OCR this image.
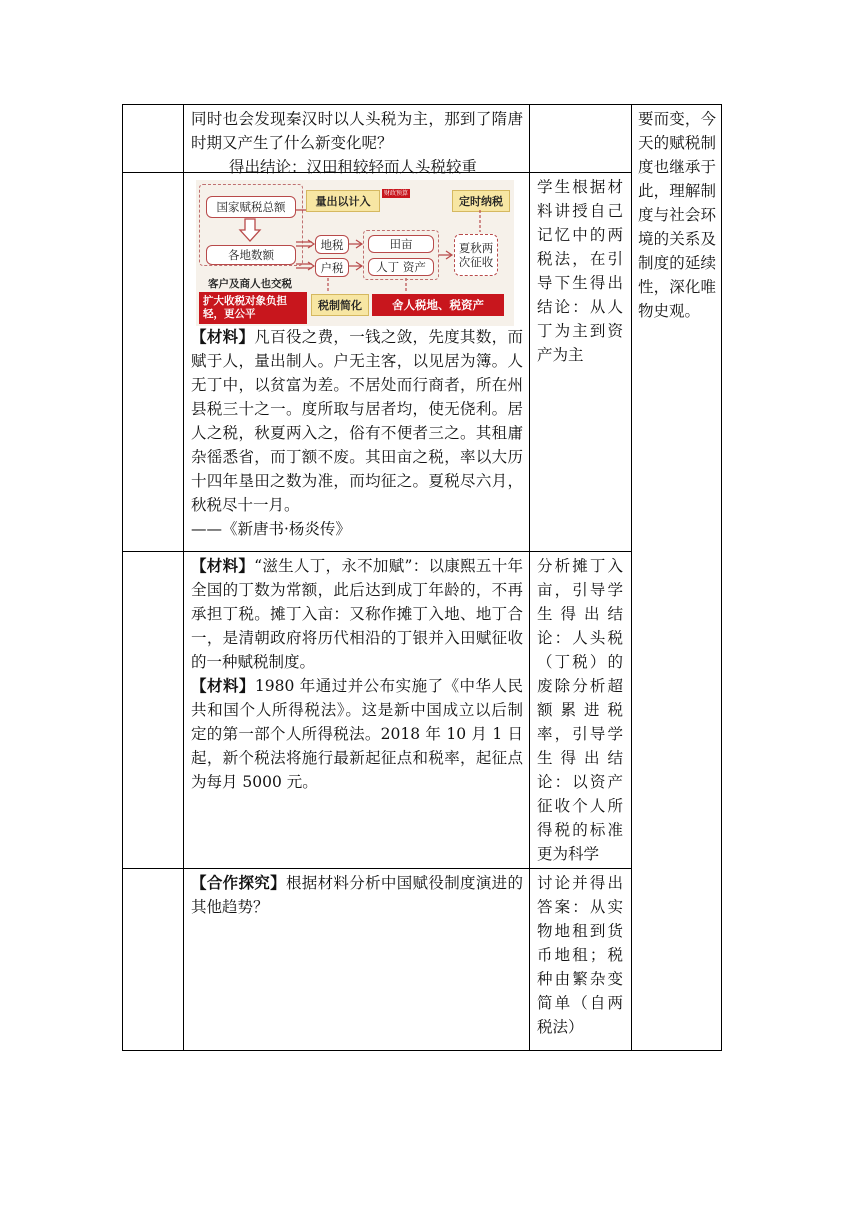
同时也会发现秦汉时以人头税为主，那到了隋唐时期又产生了什么新变化呢？

得出结论：汉田租较轻而人头税较重

要而变，今天的赋税制度也继承于此，理解制度与社会环境的关系及制度的延续性，深化唯物史观。
国家赋税总额
各地数额
量出以计入
财政预算
定时纳税
地税
户税
田亩
人丁 资产
夏秋两次征收
客户及商人也交税
扩大收税对象负担轻，更公平
税制简化	舍人税地、税资产

【材料】凡百役之费，一钱之敛，先度其数，而赋于人，量出制人。户无主客，以见居为簿。人无丁中，以贫富为差。不居处而行商者，所在州县税三十之一。度所取与居者均，使无侥利。居人之税，秋夏两入之，俗有不便者三之。其租庸杂徭悉省，而丁额不废。其田亩之税，率以大历十四年垦田之数为准，而均征之。夏税尽六月，秋税尽十一月。

——《新唐书·杨炎传》

学生根据材料讲授自己记忆中的两税法，在引导下生得出结论：从人丁为主到资产为主

【材料】“滋生人丁，永不加赋”：以康熙五十年全国的丁数为常额，此后达到成丁年龄的，不再承担丁税。摊丁入亩：又称作摊丁入地、地丁合一，是清朝政府将历代相沿的丁银并入田赋征收的一种赋税制度。

【材料】1980 年通过并公布实施了《中华人民共和国个人所得税法》。这是新中国成立以后制定的第一部个人所得税法。2018 年 10 月 1 日起，新个税法将施行最新起征点和税率，起征点为每月 5000 元。

分析摊丁入亩，引导学生得出结论：人头税（丁税）的废除分析超额累进税率，引导学生得出结论：以资产征收个人所得税的标准更为科学

【合作探究】根据材料分析中国赋役制度演进的其他趋势？

讨论并得出答案：从实物地租到货币地租；税种由繁杂变简单（自两税法）
